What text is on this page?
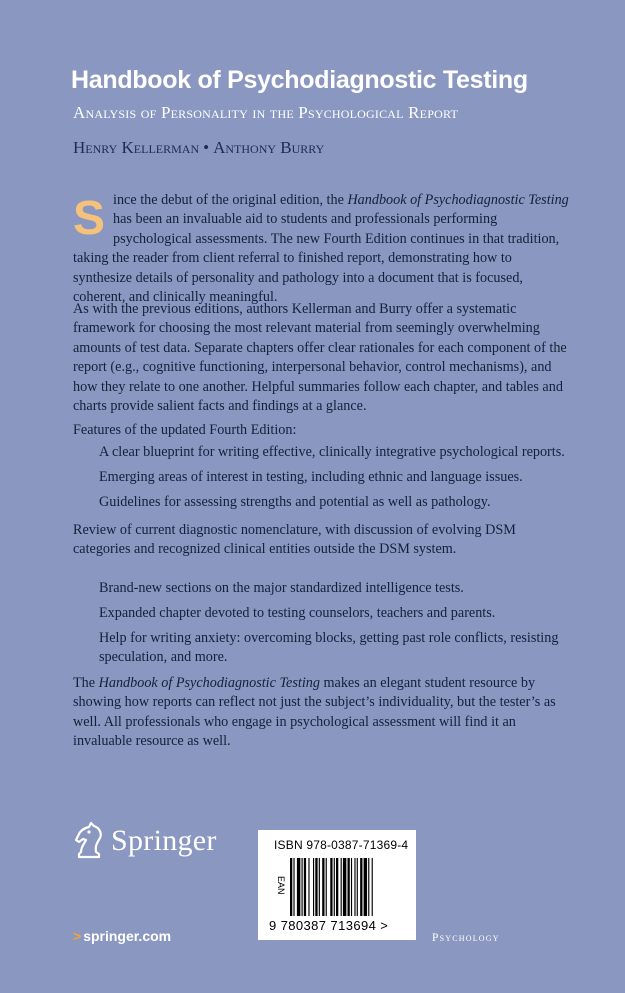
Handbook of Psychodiagnostic Testing
Analysis of Personality in the Psychological Report
Henry Kellerman • Anthony Burry
Since the debut of the original edition, the Handbook of Psychodiagnostic Testing has been an invaluable aid to students and professionals performing psychological assessments. The new Fourth Edition continues in that tradition, taking the reader from client referral to finished report, demonstrating how to synthesize details of personality and pathology into a document that is focused, coherent, and clinically meaningful.
As with the previous editions, authors Kellerman and Burry offer a systematic framework for choosing the most relevant material from seemingly overwhelming amounts of test data. Separate chapters offer clear rationales for each component of the report (e.g., cognitive functioning, interpersonal behavior, control mechanisms), and how they relate to one another. Helpful summaries follow each chapter, and tables and charts provide salient facts and findings at a glance.
Features of the updated Fourth Edition:
A clear blueprint for writing effective, clinically integrative psychological reports.
Emerging areas of interest in testing, including ethnic and language issues.
Guidelines for assessing strengths and potential as well as pathology.
Review of current diagnostic nomenclature, with discussion of evolving DSM categories and recognized clinical entities outside the DSM system.
Brand-new sections on the major standardized intelligence tests.
Expanded chapter devoted to testing counselors, teachers and parents.
Help for writing anxiety: overcoming blocks, getting past role conflicts, resisting speculation, and more.
The Handbook of Psychodiagnostic Testing makes an elegant student resource by showing how reports can reflect not just the subject’s individuality, but the tester’s as well. All professionals who engage in psychological assessment will find it an invaluable resource as well.
Springer
> springer.com
ISBN 978-0387-71369-4
EAN
9 780387 713694 >
Psychology
